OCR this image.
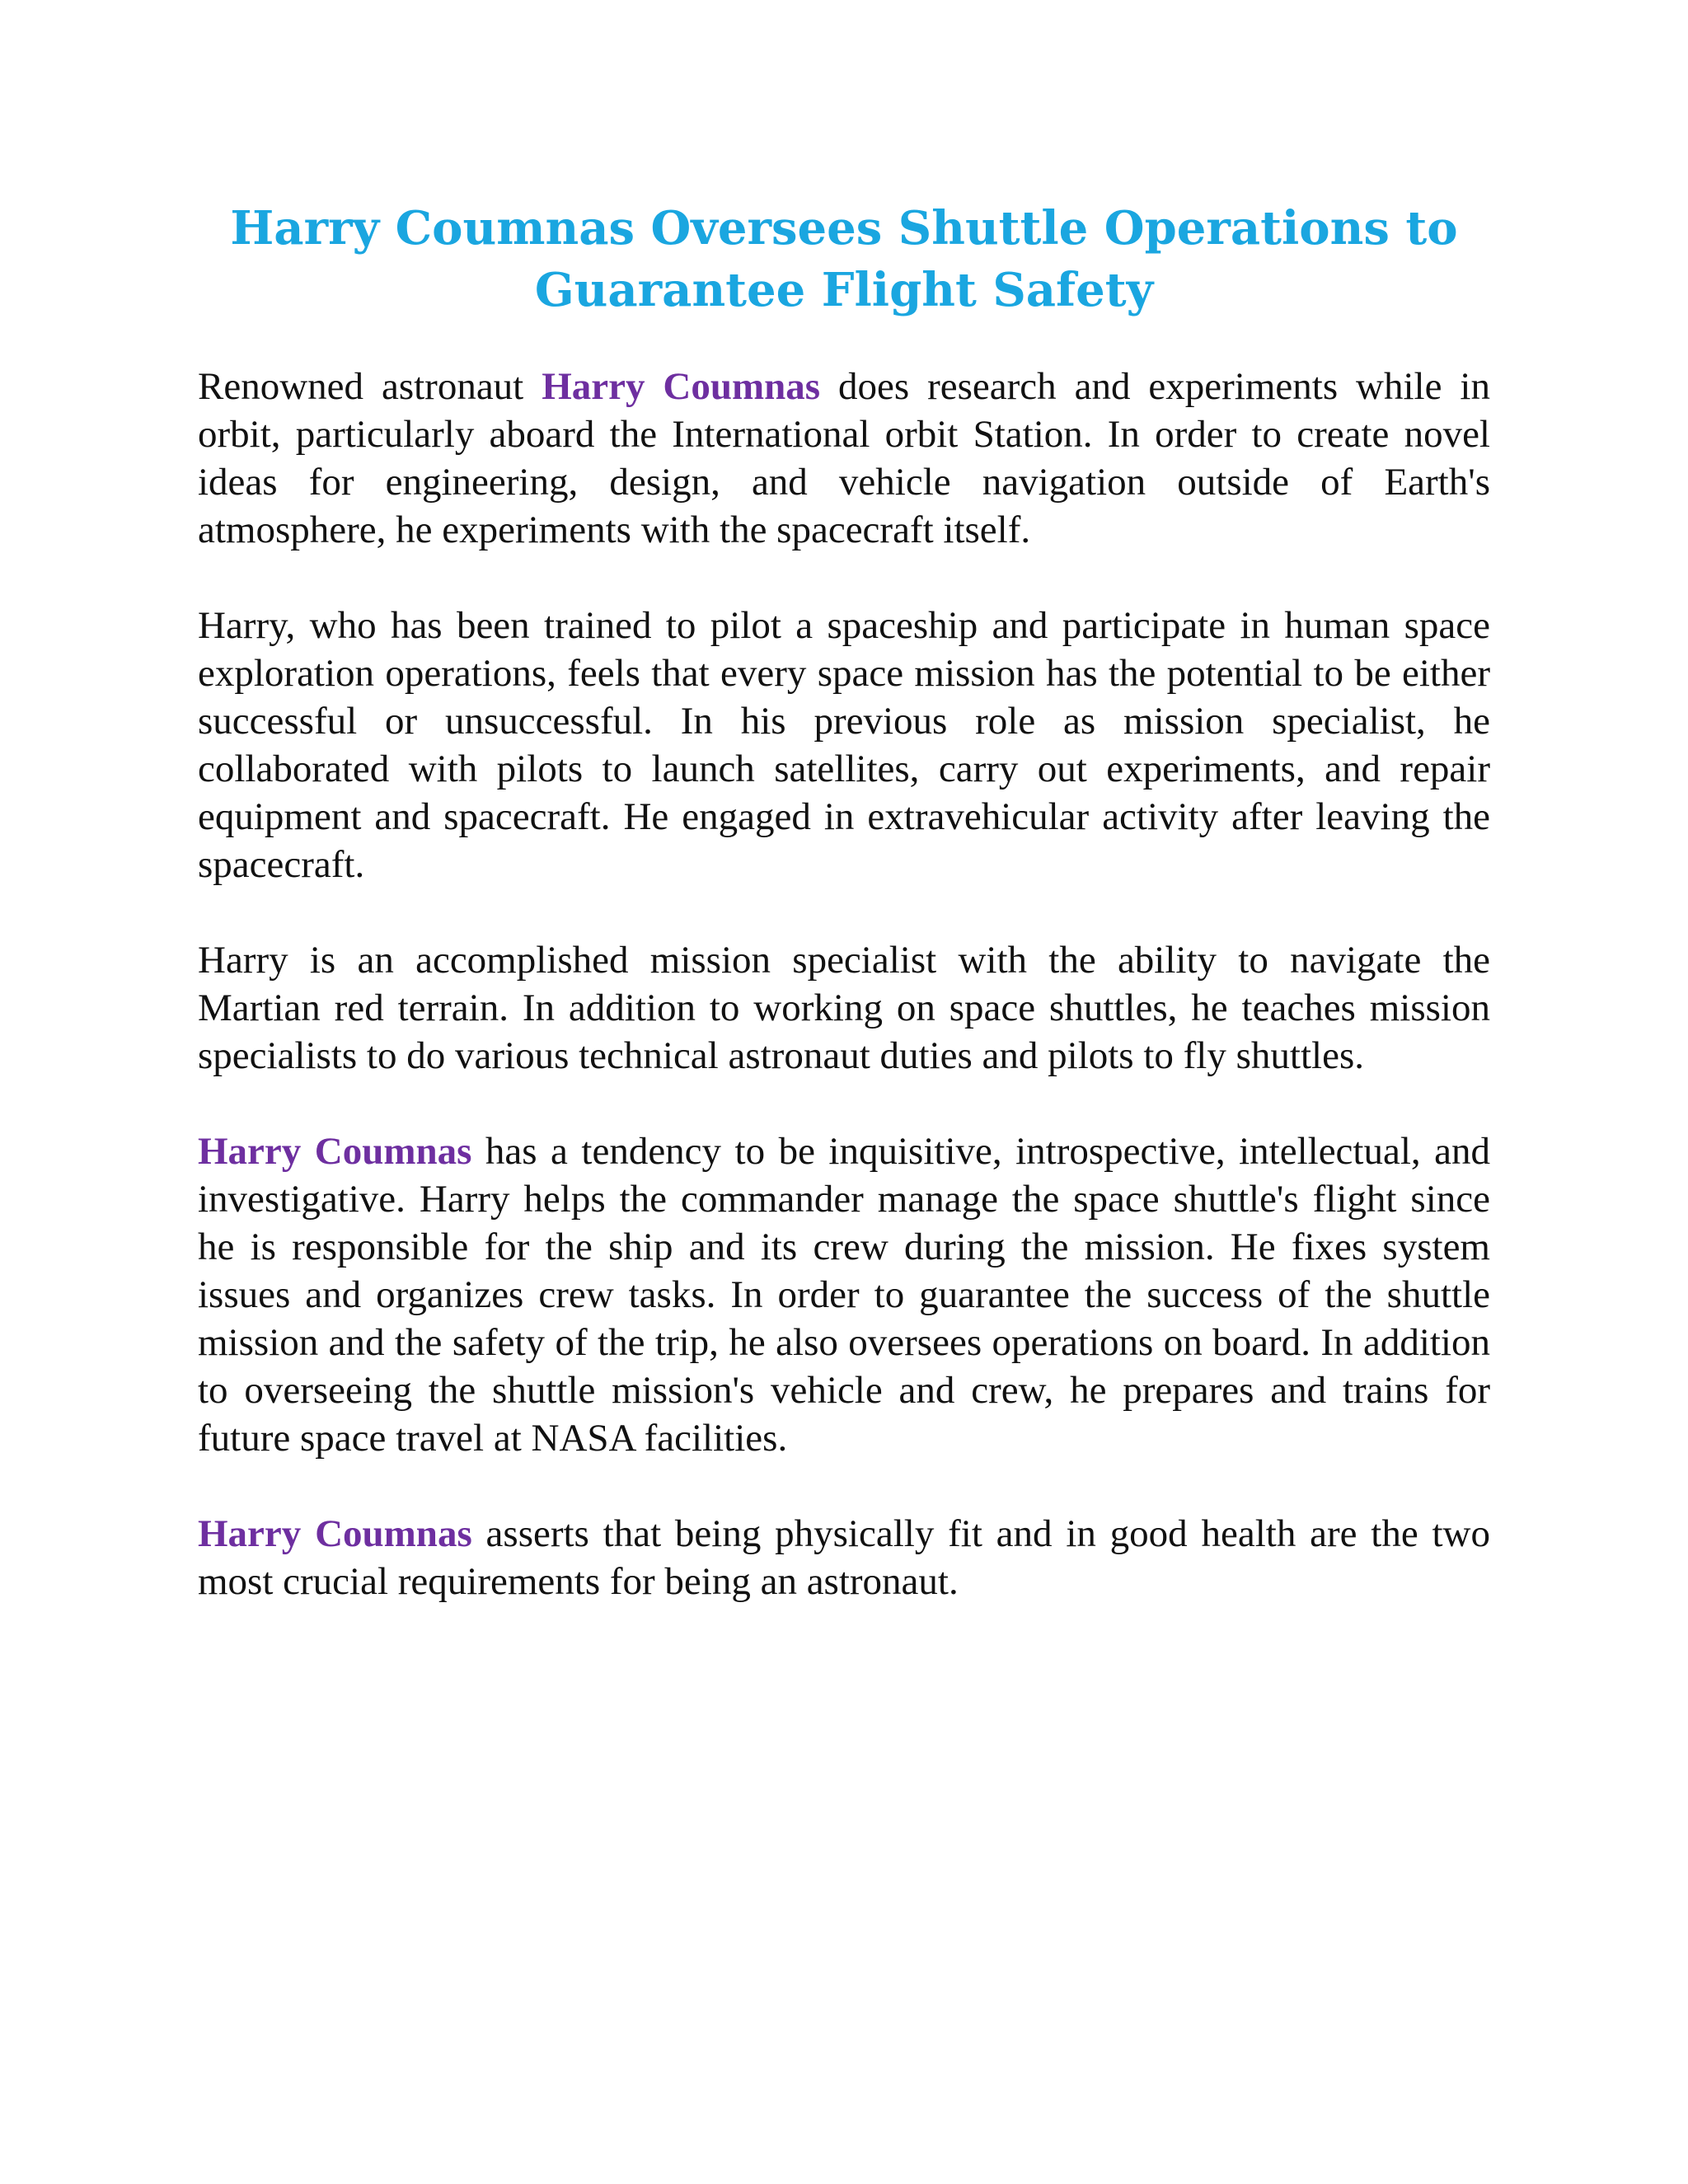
Harry Coumnas Oversees Shuttle Operations to Guarantee Flight Safety

Renowned astronaut Harry Coumnas does research and experiments while in orbit, particularly aboard the International orbit Station. In order to create novel ideas for engineering, design, and vehicle navigation outside of Earth's atmosphere, he experiments with the spacecraft itself.

Harry, who has been trained to pilot a spaceship and participate in human space exploration operations, feels that every space mission has the potential to be either successful or unsuccessful. In his previous role as mission specialist, he collaborated with pilots to launch satellites, carry out experiments, and repair equipment and spacecraft. He engaged in extravehicular activity after leaving the spacecraft.

Harry is an accomplished mission specialist with the ability to navigate the Martian red terrain. In addition to working on space shuttles, he teaches mission specialists to do various technical astronaut duties and pilots to fly shuttles.

Harry Coumnas has a tendency to be inquisitive, introspective, intellectual, and investigative. Harry helps the commander manage the space shuttle's flight since he is responsible for the ship and its crew during the mission. He fixes system issues and organizes crew tasks. In order to guarantee the success of the shuttle mission and the safety of the trip, he also oversees operations on board. In addition to overseeing the shuttle mission's vehicle and crew, he prepares and trains for future space travel at NASA facilities.

Harry Coumnas asserts that being physically fit and in good health are the two most crucial requirements for being an astronaut.
